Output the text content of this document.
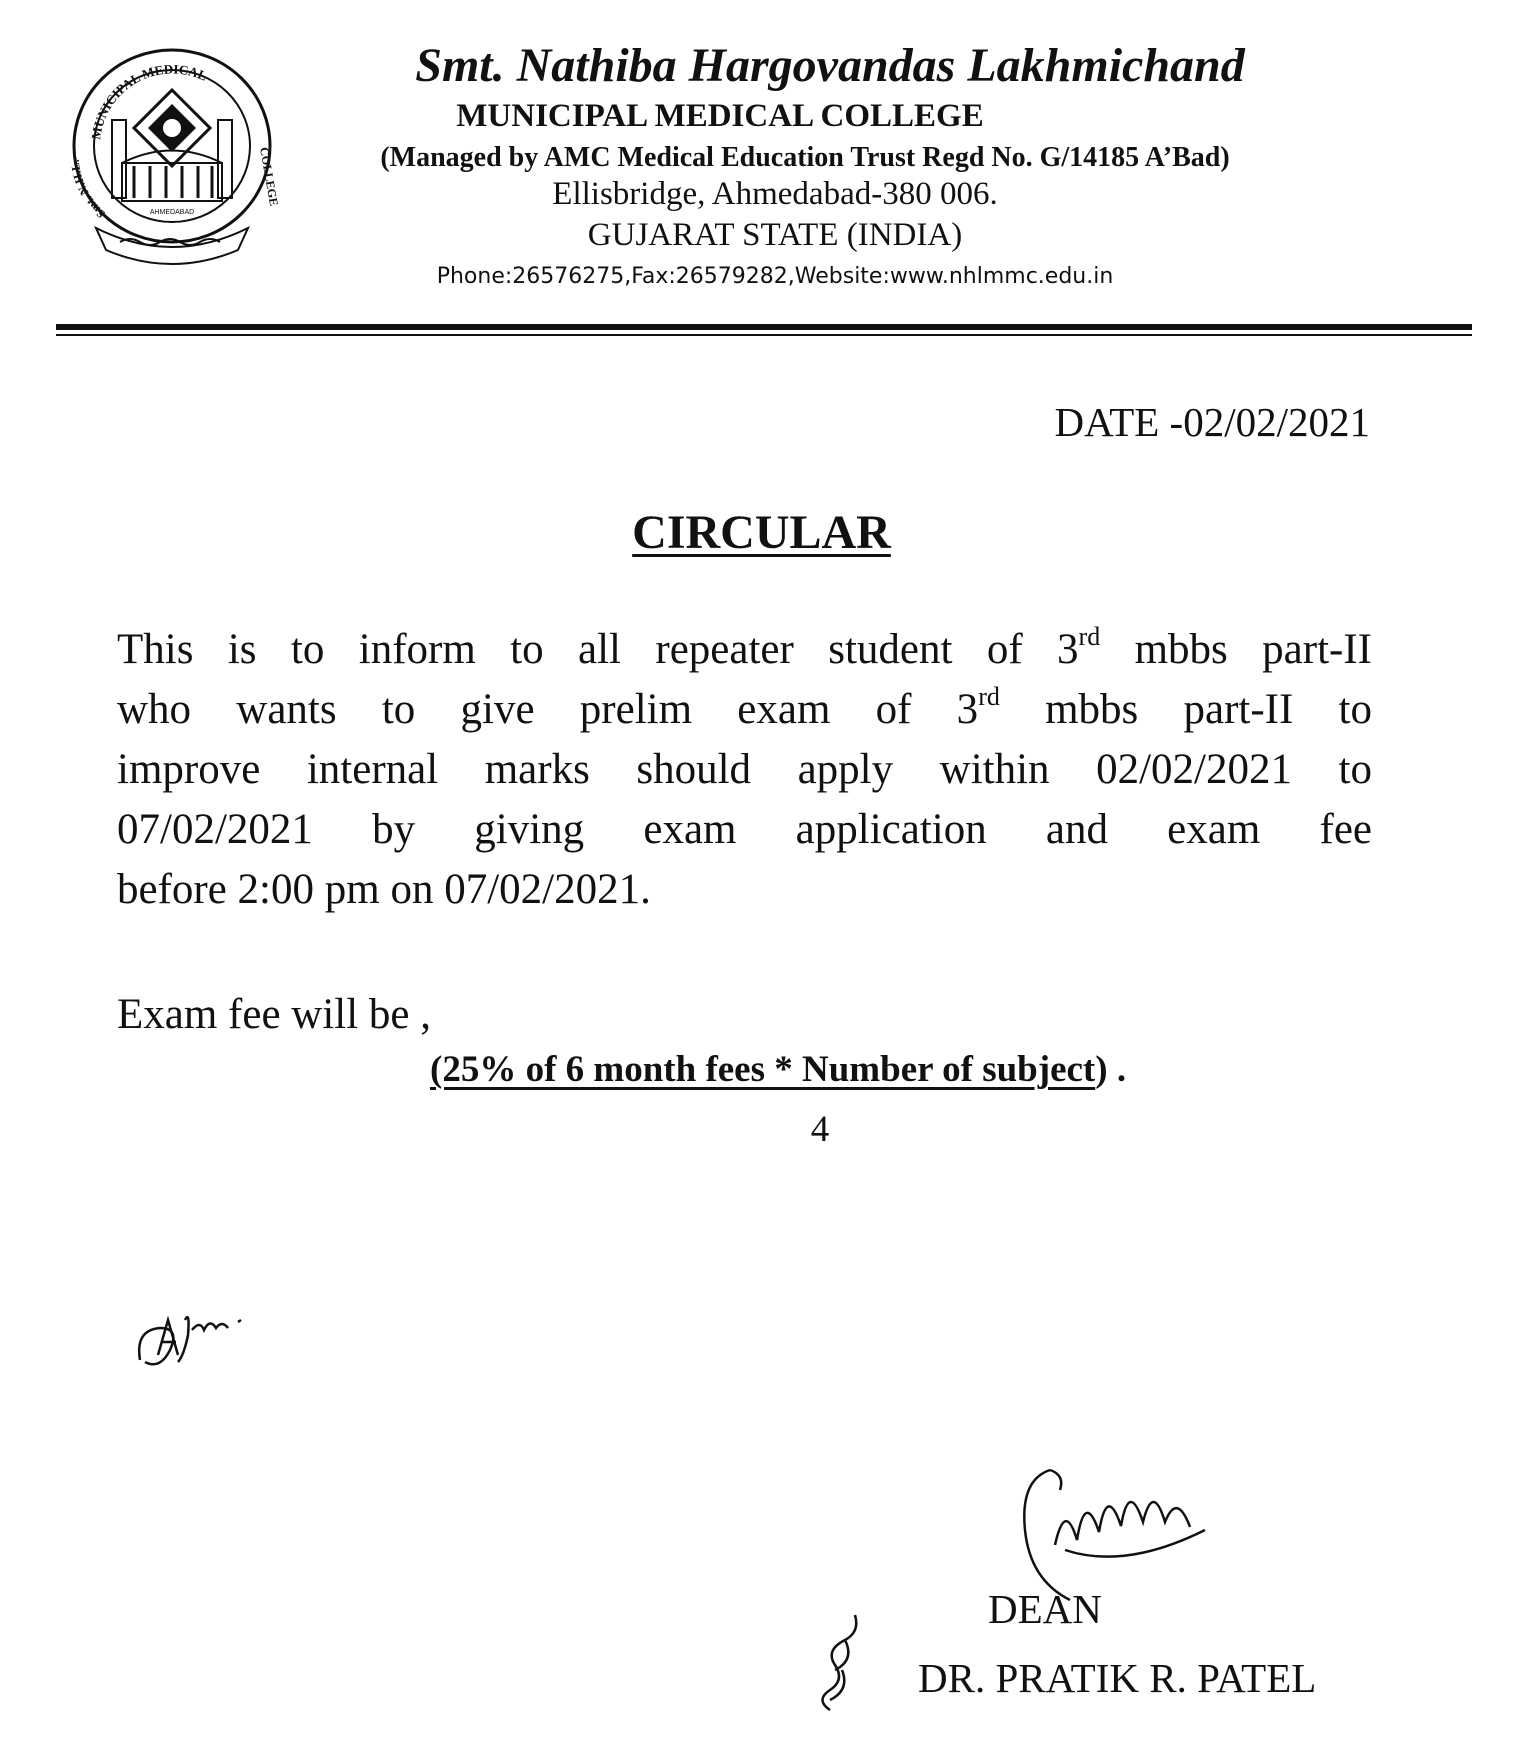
MUNICIPAL MEDICAL
Smt. N.H.L.	COLLEGE
AHMEDABAD
Smt. Nathiba Hargovandas Lakhmichand
MUNICIPAL MEDICAL COLLEGE
(Managed by AMC Medical Education Trust Regd No. G/14185 A’Bad)
Ellisbridge, Ahmedabad-380 006.
GUJARAT STATE (INDIA)
Phone:26576275,Fax:26579282,Website:www.nhlmmc.edu.in
DATE -02/02/2021
CIRCULAR
This is to inform to all repeater student of 3rd mbbs part-II
who wants to give prelim exam of 3rd mbbs part-II to
improve internal marks should apply within 02/02/2021 to
07/02/2021 by giving exam application and exam fee
before 2:00 pm on 07/02/2021.
Exam fee will be ,
(25% of 6 month fees * Number of subject) .
4
DEAN
DR. PRATIK R. PATEL
